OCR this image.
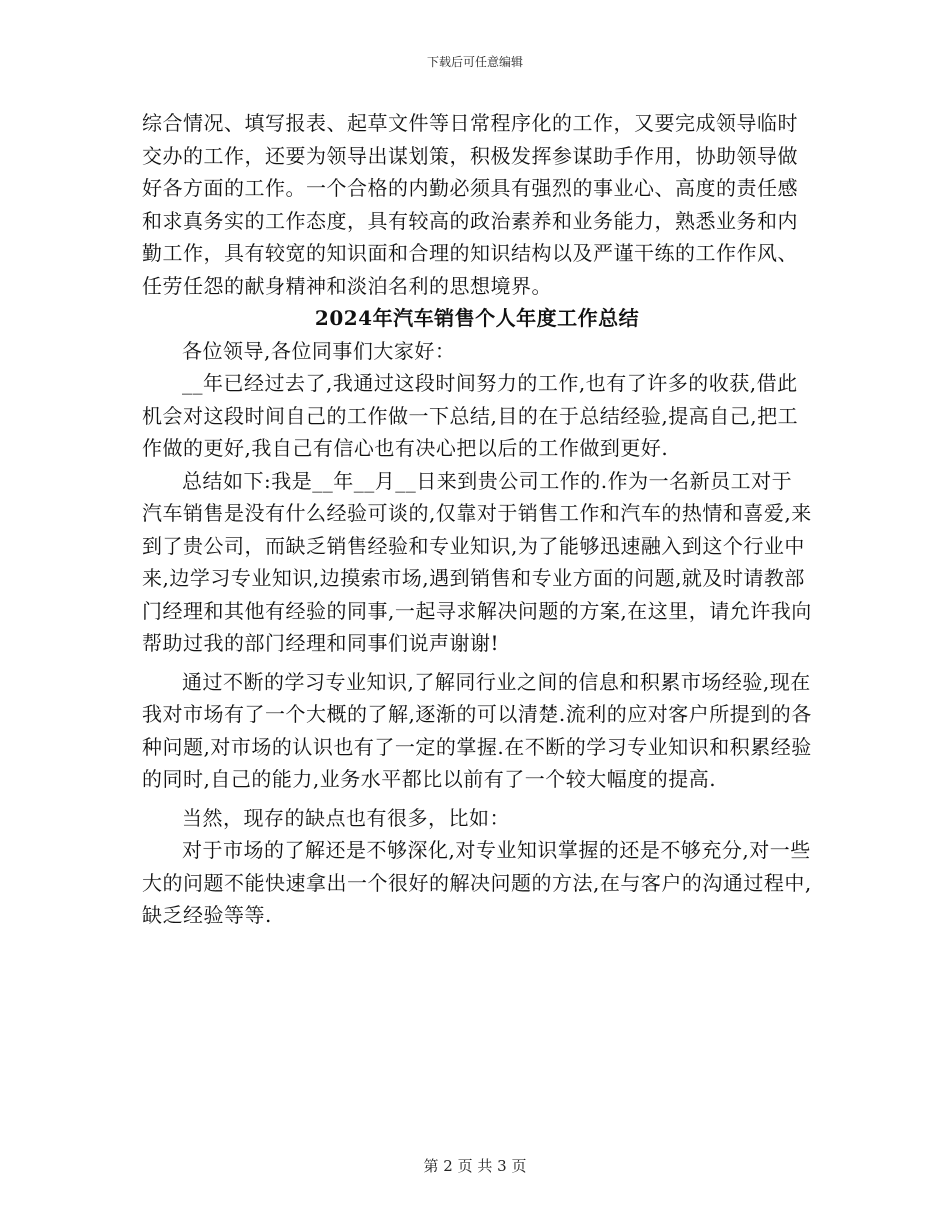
下载后可任意编辑

综合情况、填写报表、起草文件等日常程序化的工作，又要完成领导临时交办的工作，还要为领导出谋划策，积极发挥参谋助手作用，协助领导做好各方面的工作。一个合格的内勤必须具有强烈的事业心、高度的责任感和求真务实的工作态度，具有较高的政治素养和业务能力，熟悉业务和内勤工作，具有较宽的知识面和合理的知识结构以及严谨干练的工作作风、任劳任怨的献身精神和淡泊名利的思想境界。

2024年汽车销售个人年度工作总结

各位领导,各位同事们大家好：

__年已经过去了,我通过这段时间努力的工作,也有了许多的收获,借此机会对这段时间自己的工作做一下总结,目的在于总结经验,提高自己,把工作做的更好,我自己有信心也有决心把以后的工作做到更好.

总结如下:我是__年__月__日来到贵公司工作的.作为一名新员工对于汽车销售是没有什么经验可谈的,仅靠对于销售工作和汽车的热情和喜爱,来到了贵公司，而缺乏销售经验和专业知识,为了能够迅速融入到这个行业中来,边学习专业知识,边摸索市场,遇到销售和专业方面的问题,就及时请教部门经理和其他有经验的同事,一起寻求解决问题的方案,在这里，请允许我向帮助过我的部门经理和同事们说声谢谢!

通过不断的学习专业知识,了解同行业之间的信息和积累市场经验,现在我对市场有了一个大概的了解,逐渐的可以清楚.流利的应对客户所提到的各种问题,对市场的认识也有了一定的掌握.在不断的学习专业知识和积累经验的同时,自己的能力,业务水平都比以前有了一个较大幅度的提高.

当然，现存的缺点也有很多，比如：

对于市场的了解还是不够深化,对专业知识掌握的还是不够充分,对一些大的问题不能快速拿出一个很好的解决问题的方法,在与客户的沟通过程中,缺乏经验等等.

第 2 页 共 3 页
